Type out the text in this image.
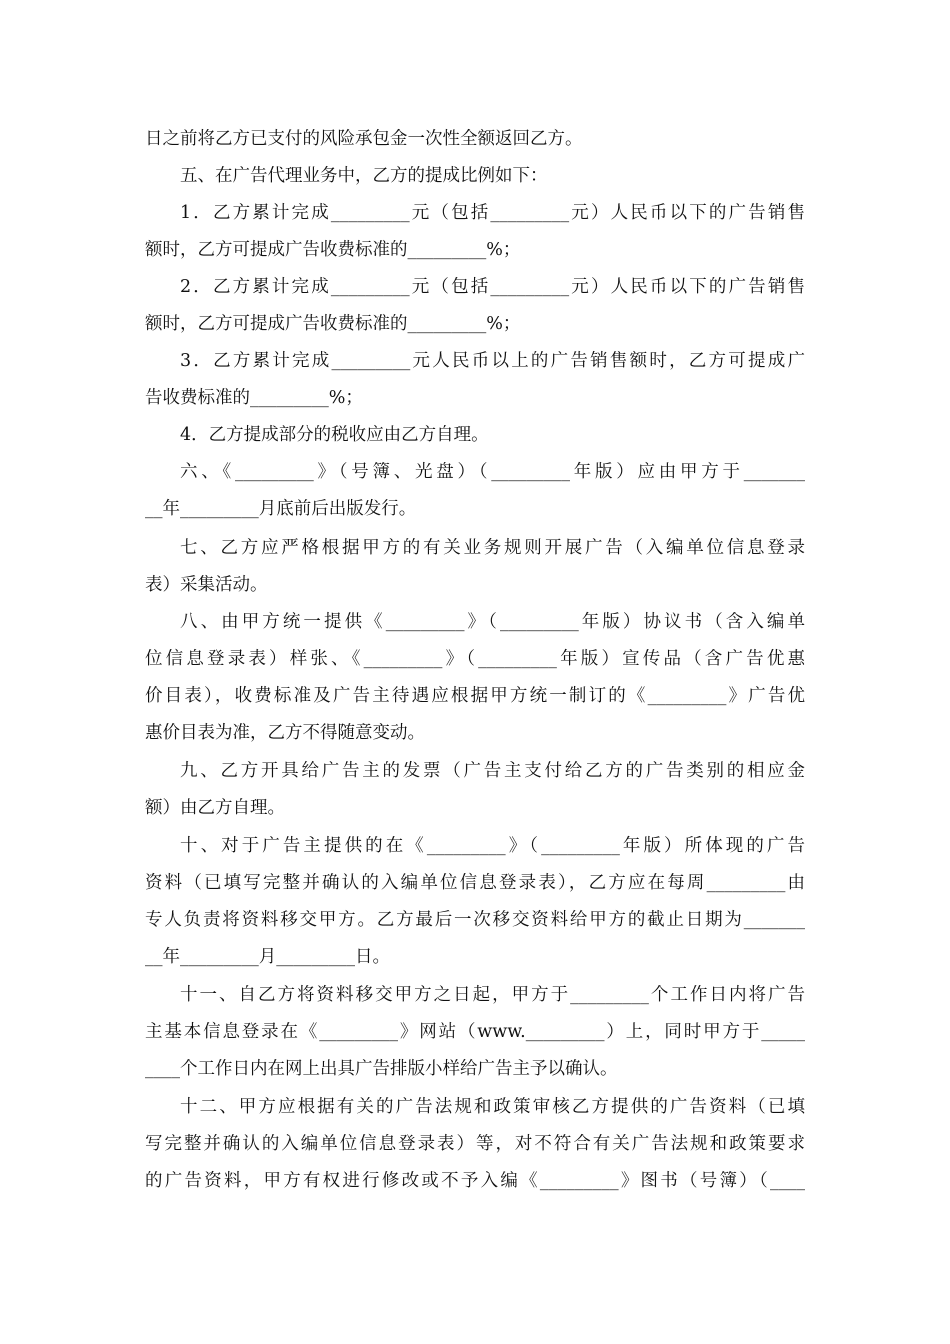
日之前将乙方已支付的风险承包金一次性全额返回乙方。
五、在广告代理业务中，乙方的提成比例如下：
1．乙方累计完成_________元（包括_________元）人民币以下的广告销售
额时，乙方可提成广告收费标准的_________%；
2．乙方累计完成_________元（包括_________元）人民币以下的广告销售
额时，乙方可提成广告收费标准的_________%；
3．乙方累计完成_________元人民币以上的广告销售额时，乙方可提成广
告收费标准的_________%；
4．乙方提成部分的税收应由乙方自理。
六、《_________》（号簿、光盘）（_________年版）应由甲方于_______
__年_________月底前后出版发行。
七、乙方应严格根据甲方的有关业务规则开展广告（入编单位信息登录
表）采集活动。
八、由甲方统一提供《_________》（_________年版）协议书（含入编单
位信息登录表）样张、《_________》（_________年版）宣传品（含广告优惠
价目表），收费标准及广告主待遇应根据甲方统一制订的《_________》广告优
惠价目表为准，乙方不得随意变动。
九、乙方开具给广告主的发票（广告主支付给乙方的广告类别的相应金
额）由乙方自理。
十、对于广告主提供的在《_________》（_________年版）所体现的广告
资料（已填写完整并确认的入编单位信息登录表），乙方应在每周_________由
专人负责将资料移交甲方。乙方最后一次移交资料给甲方的截止日期为_______
__年_________月_________日。
十一、自乙方将资料移交甲方之日起，甲方于_________个工作日内将广告
主基本信息登录在《_________》网站（www._________）上，同时甲方于_____
____个工作日内在网上出具广告排版小样给广告主予以确认。
十二、甲方应根据有关的广告法规和政策审核乙方提供的广告资料（已填
写完整并确认的入编单位信息登录表）等，对不符合有关广告法规和政策要求
的广告资料，甲方有权进行修改或不予入编《_________》图书（号簿）（____
